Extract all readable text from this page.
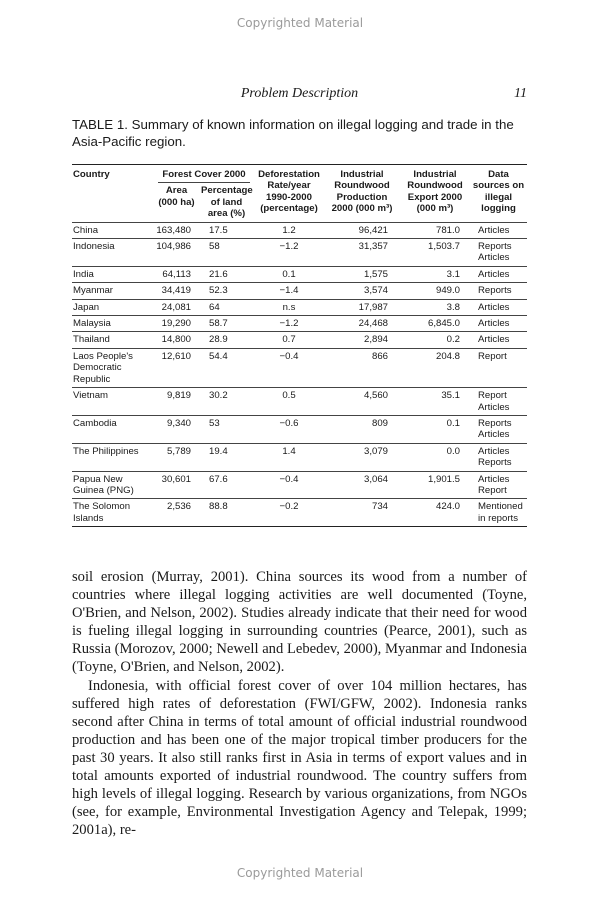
Copyrighted Material
Problem Description	11
TABLE 1. Summary of known information on illegal logging and trade in the Asia-Pacific region.
Country	Forest Cover 2000		Deforestation Rate/year 1990-2000 (percentage)	Industrial Roundwood Production 2000 (000 m³)	Industrial Roundwood Export 2000 (000 m³)	Data sources on illegal logging
	Area (000 ha)	Percentage of land area (%)				
China	163,480	17.5	1.2	96,421	781.0	Articles
Indonesia	104,986	58	−1.2	31,357	1,503.7	Reports Articles
India	64,113	21.6	0.1	1,575	3.1	Articles
Myanmar	34,419	52.3	−1.4	3,574	949.0	Reports
Japan	24,081	64	n.s	17,987	3.8	Articles
Malaysia	19,290	58.7	−1.2	24,468	6,845.0	Articles
Thailand	14,800	28.9	0.7	2,894	0.2	Articles
Laos People's Democratic Republic	12,610	54.4	−0.4	866	204.8	Report
Vietnam	9,819	30.2	0.5	4,560	35.1	Report Articles
Cambodia	9,340	53	−0.6	809	0.1	Reports Articles
The Philippines	5,789	19.4	1.4	3,079	0.0	Articles Reports
Papua New Guinea (PNG)	30,601	67.6	−0.4	3,064	1,901.5	Articles Report
The Solomon Islands	2,536	88.8	−0.2	734	424.0	Mentioned in reports

soil erosion (Murray, 2001). China sources its wood from a number of countries where illegal logging activities are well documented (Toyne, O'Brien, and Nelson, 2002). Studies already indicate that their need for wood is fueling illegal logging in surrounding countries (Pearce, 2001), such as Russia (Morozov, 2000; Newell and Lebedev, 2000), Myanmar and Indonesia (Toyne, O'Brien, and Nelson, 2002).

Indonesia, with official forest cover of over 104 million hectares, has suffered high rates of deforestation (FWI/GFW, 2002). Indonesia ranks second after China in terms of total amount of official industrial roundwood production and has been one of the major tropical timber producers for the past 30 years. It also still ranks first in Asia in terms of export values and in total amounts exported of industrial roundwood. The country suffers from high levels of illegal logging. Research by various organizations, from NGOs (see, for example, Environmental Investigation Agency and Telepak, 1999; 2001a), re-

Copyrighted Material
